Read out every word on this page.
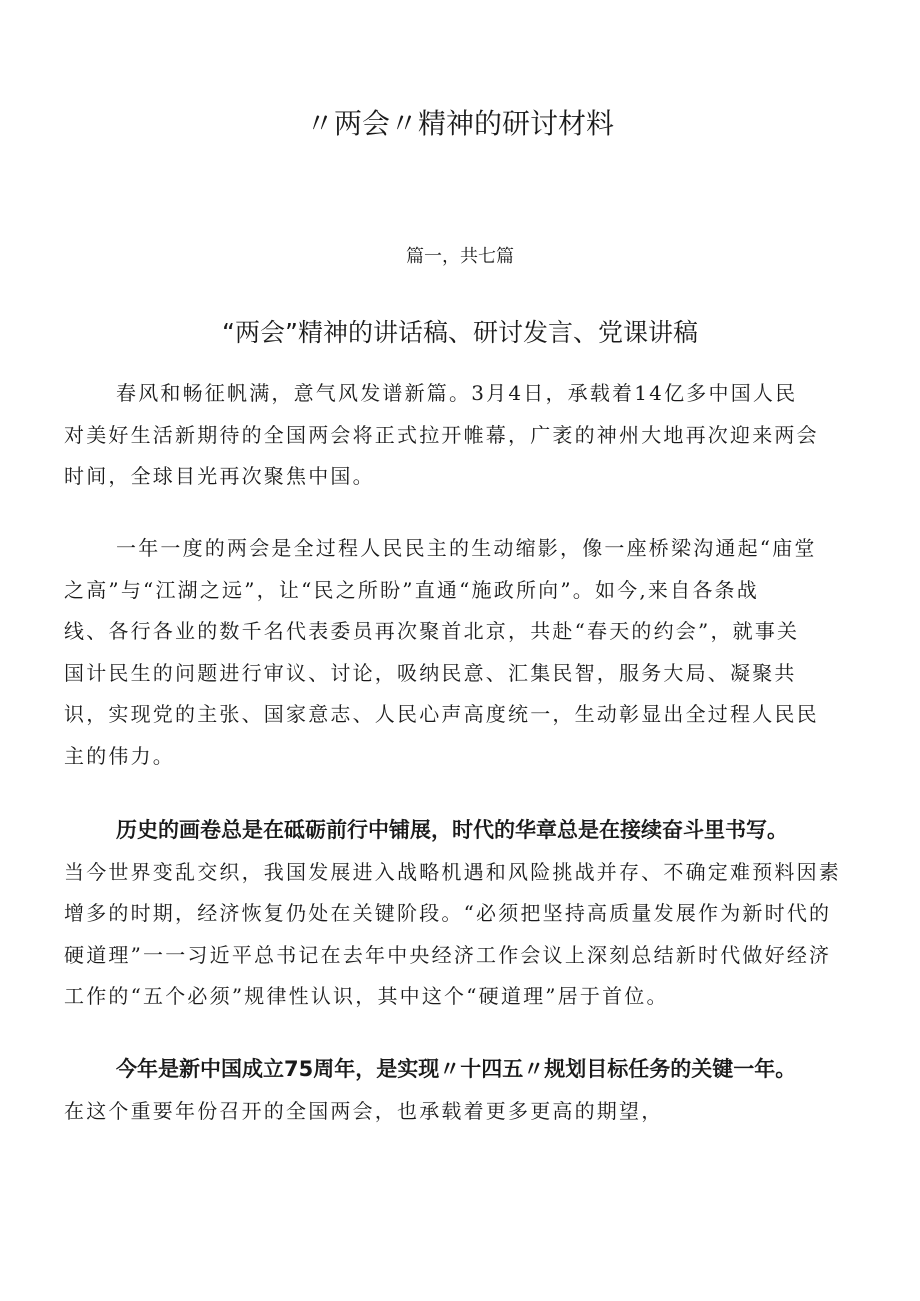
〃两会〃精神的研讨材料
篇一，共七篇
“两会”精神的讲话稿、研讨发言、党课讲稿
春风和畅征帆满，意气风发谱新篇。3月4日，承载着14亿多中国人民
对美好生活新期待的全国两会将正式拉开帷幕，广袤的神州大地再次迎来两会
时间，全球目光再次聚焦中国。
一年一度的两会是全过程人民民主的生动缩影，像一座桥梁沟通起“庙堂
之高”与“江湖之远”，让“民之所盼”直通“施政所向”。如今,来自各条战
线、各行各业的数千名代表委员再次聚首北京，共赴“春天的约会”，就事关
国计民生的问题进行审议、讨论，吸纳民意、汇集民智，服务大局、凝聚共
识，实现党的主张、国家意志、人民心声高度统一，生动彰显出全过程人民民
主的伟力。
历史的画卷总是在砥砺前行中铺展，时代的华章总是在接续奋斗里书写。
当今世界变乱交织，我国发展进入战略机遇和风险挑战并存、不确定难预料因素
增多的时期，经济恢复仍处在关键阶段。“必须把坚持高质量发展作为新时代的
硬道理”一一习近平总书记在去年中央经济工作会议上深刻总结新时代做好经济
工作的“五个必须”规律性认识，其中这个“硬道理”居于首位。
今年是新中国成立75周年，是实现〃十四五〃规划目标任务的关键一年。
在这个重要年份召开的全国两会，也承载着更多更高的期望，
